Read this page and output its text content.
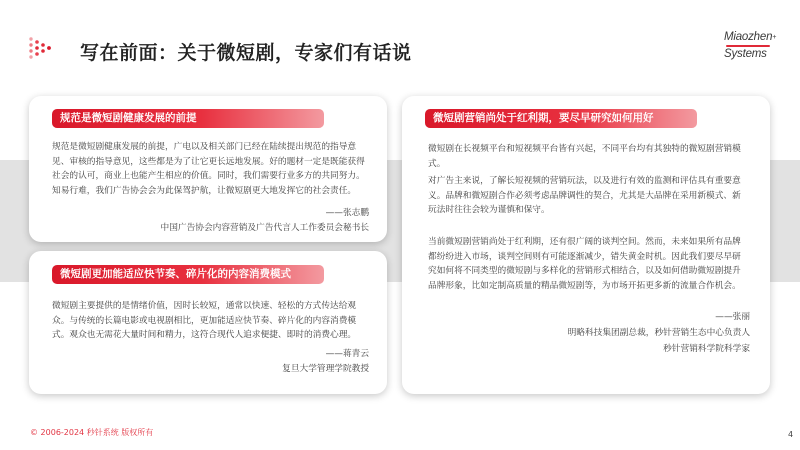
写在前面：关于微短剧，专家们有话说
Miaozhen+
Systems
规范是微短剧健康发展的前提
规范是微短剧健康发展的前提，广电以及相关部门已经在陆续提出规范的指导意见、审核的指导意见，这些都是为了让它更长远地发展。好的题材一定是既能获得社会的认可，商业上也能产生相应的价值。同时，我们需要行业多方的共同努力。知易行难，我们广告协会会为此保驾护航，让微短剧更大地发挥它的社会责任。
——张志鹏
中国广告协会内容营销及广告代言人工作委员会秘书长
微短剧更加能适应快节奏、碎片化的内容消费模式
微短剧主要提供的是情绪价值，因时长较短，通常以快速、轻松的方式传达给观众。与传统的长篇电影或电视剧相比，更加能适应快节奏、碎片化的内容消费模式。观众也无需花大量时间和精力，这符合现代人追求便捷、即时的消费心理。
——蒋青云
复旦大学管理学院教授
微短剧营销尚处于红利期，要尽早研究如何用好
微短剧在长视频平台和短视频平台皆有兴起，不同平台均有其独特的微短剧营销模式。
对广告主来说，了解长短视频的营销玩法，以及进行有效的监测和评估具有重要意义。品牌和微短剧合作必须考虑品牌调性的契合，尤其是大品牌在采用新模式、新玩法时往往会较为谨慎和保守。
当前微短剧营销尚处于红利期，还有很广阔的谈判空间。然而，未来如果所有品牌都纷纷进入市场，谈判空间则有可能逐渐减少，错失黄金时机。因此我们要尽早研究如何将不同类型的微短剧与多样化的营销形式相结合，以及如何借助微短剧提升品牌形象，比如定制高质量的精品微短剧等，为市场开拓更多新的流量合作机会。
——张丽
明略科技集团副总裁，秒针营销生态中心负责人
秒针营销科学院科学家
© 2006-2024 秒针系统 版权所有	4
